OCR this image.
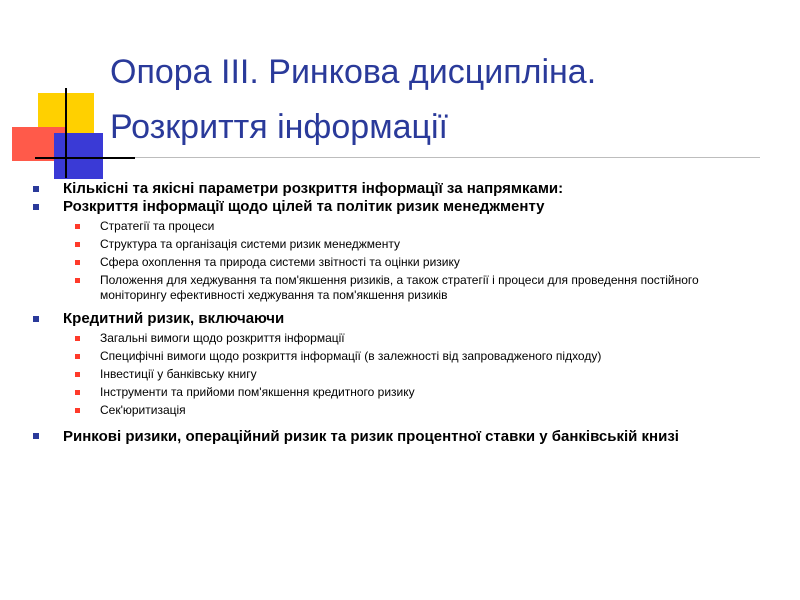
Опора ІІІ. Ринкова дисципліна.
Розкриття інформації
Кількісні та якісні параметри розкриття інформації за напрямками:
Розкриття інформації щодо цілей та політик ризик менеджменту
Стратегії та процеси
Структура та організація системи ризик менеджменту
Сфера охоплення та природа системи звітності та оцінки ризику
Положення для хеджування та пом'якшення ризиків, а також стратегії і процеси для проведення постійного моніторингу ефективності хеджування та пом'якшення ризиків
Кредитний ризик, включаючи
Загальні вимоги щодо розкриття інформації
Специфічні вимоги щодо розкриття інформації (в залежності від запровадженого підходу)
Інвестиції у банківську книгу
Інструменти та прийоми пом'якшення кредитного ризику
Сек'юритизація
Ринкові ризики, операційний ризик та ризик процентної ставки у банківській книзі
